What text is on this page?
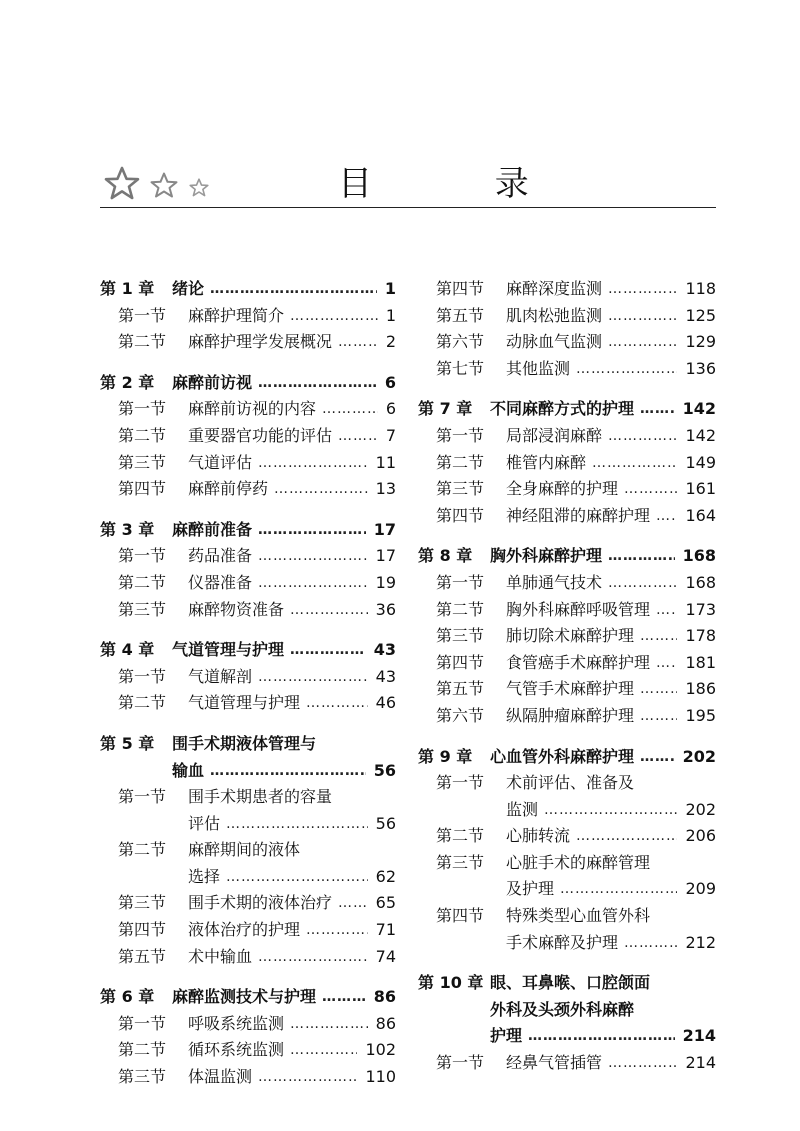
目 录
第 1 章 绪论 …………………………………………………………………………………………………………	1
第一节 麻醉护理简介 …………………………………………………………………………………………………………	1
第二节 麻醉护理学发展概况 …………………………………………………………………………………………………………	2
第 2 章 麻醉前访视 …………………………………………………………………………………………………………	6
第一节 麻醉前访视的内容 …………………………………………………………………………………………………………	6
第二节 重要器官功能的评估 …………………………………………………………………………………………………………	7
第三节 气道评估 …………………………………………………………………………………………………………	11
第四节 麻醉前停药 …………………………………………………………………………………………………………	13
第 3 章 麻醉前准备 …………………………………………………………………………………………………………	17
第一节 药品准备 …………………………………………………………………………………………………………	17
第二节 仪器准备 …………………………………………………………………………………………………………	19
第三节 麻醉物资准备 …………………………………………………………………………………………………………	36
第 4 章 气道管理与护理 …………………………………………………………………………………………………………	43
第一节 气道解剖 …………………………………………………………………………………………………………	43
第二节 气道管理与护理 …………………………………………………………………………………………………………	46
第 5 章 围手术期液体管理与
输血 …………………………………………………………………………………………………………	56
第一节 围手术期患者的容量
评估 …………………………………………………………………………………………………………	56
第二节 麻醉期间的液体
选择 …………………………………………………………………………………………………………	62
第三节 围手术期的液体治疗 …………………………………………………………………………………………………………	65
第四节 液体治疗的护理 …………………………………………………………………………………………………………	71
第五节 术中输血 …………………………………………………………………………………………………………	74
第 6 章 麻醉监测技术与护理 …………………………………………………………………………………………………………	86
第一节 呼吸系统监测 …………………………………………………………………………………………………………	86
第二节 循环系统监测 …………………………………………………………………………………………………………	102
第三节 体温监测 …………………………………………………………………………………………………………	110
第四节 麻醉深度监测 …………………………………………………………………………………………………………	118
第五节 肌肉松弛监测 …………………………………………………………………………………………………………	125
第六节 动脉血气监测 …………………………………………………………………………………………………………	129
第七节 其他监测 …………………………………………………………………………………………………………	136
第 7 章 不同麻醉方式的护理 …………………………………………………………………………………………………………	142
第一节 局部浸润麻醉 …………………………………………………………………………………………………………	142
第二节 椎管内麻醉 …………………………………………………………………………………………………………	149
第三节 全身麻醉的护理 …………………………………………………………………………………………………………	161
第四节 神经阻滞的麻醉护理 ………………………………………………………………………………………………………… 164
第 8 章 胸外科麻醉护理 …………………………………………………………………………………………………………	168
第一节 单肺通气技术 …………………………………………………………………………………………………………	168
第二节 胸外科麻醉呼吸管理 ………………………………………………………………………………………………………… 173
第三节 肺切除术麻醉护理 …………………………………………………………………………………………………………	178
第四节 食管癌手术麻醉护理 ………………………………………………………………………………………………………… 181
第五节 气管手术麻醉护理 …………………………………………………………………………………………………………	186
第六节 纵隔肿瘤麻醉护理 …………………………………………………………………………………………………………	195
第 9 章 心血管外科麻醉护理 …………………………………………………………………………………………………………	202
第一节 术前评估、准备及
监测 …………………………………………………………………………………………………………	202
第二节 心肺转流 …………………………………………………………………………………………………………	206
第三节 心脏手术的麻醉管理
及护理 …………………………………………………………………………………………………………	209
第四节 特殊类型心血管外科
手术麻醉及护理 …………………………………………………………………………………………………………	212
第 10 章 眼、耳鼻喉、口腔颌面
外科及头颈外科麻醉
护理 …………………………………………………………………………………………………………	214
第一节 经鼻气管插管 …………………………………………………………………………………………………………	214
